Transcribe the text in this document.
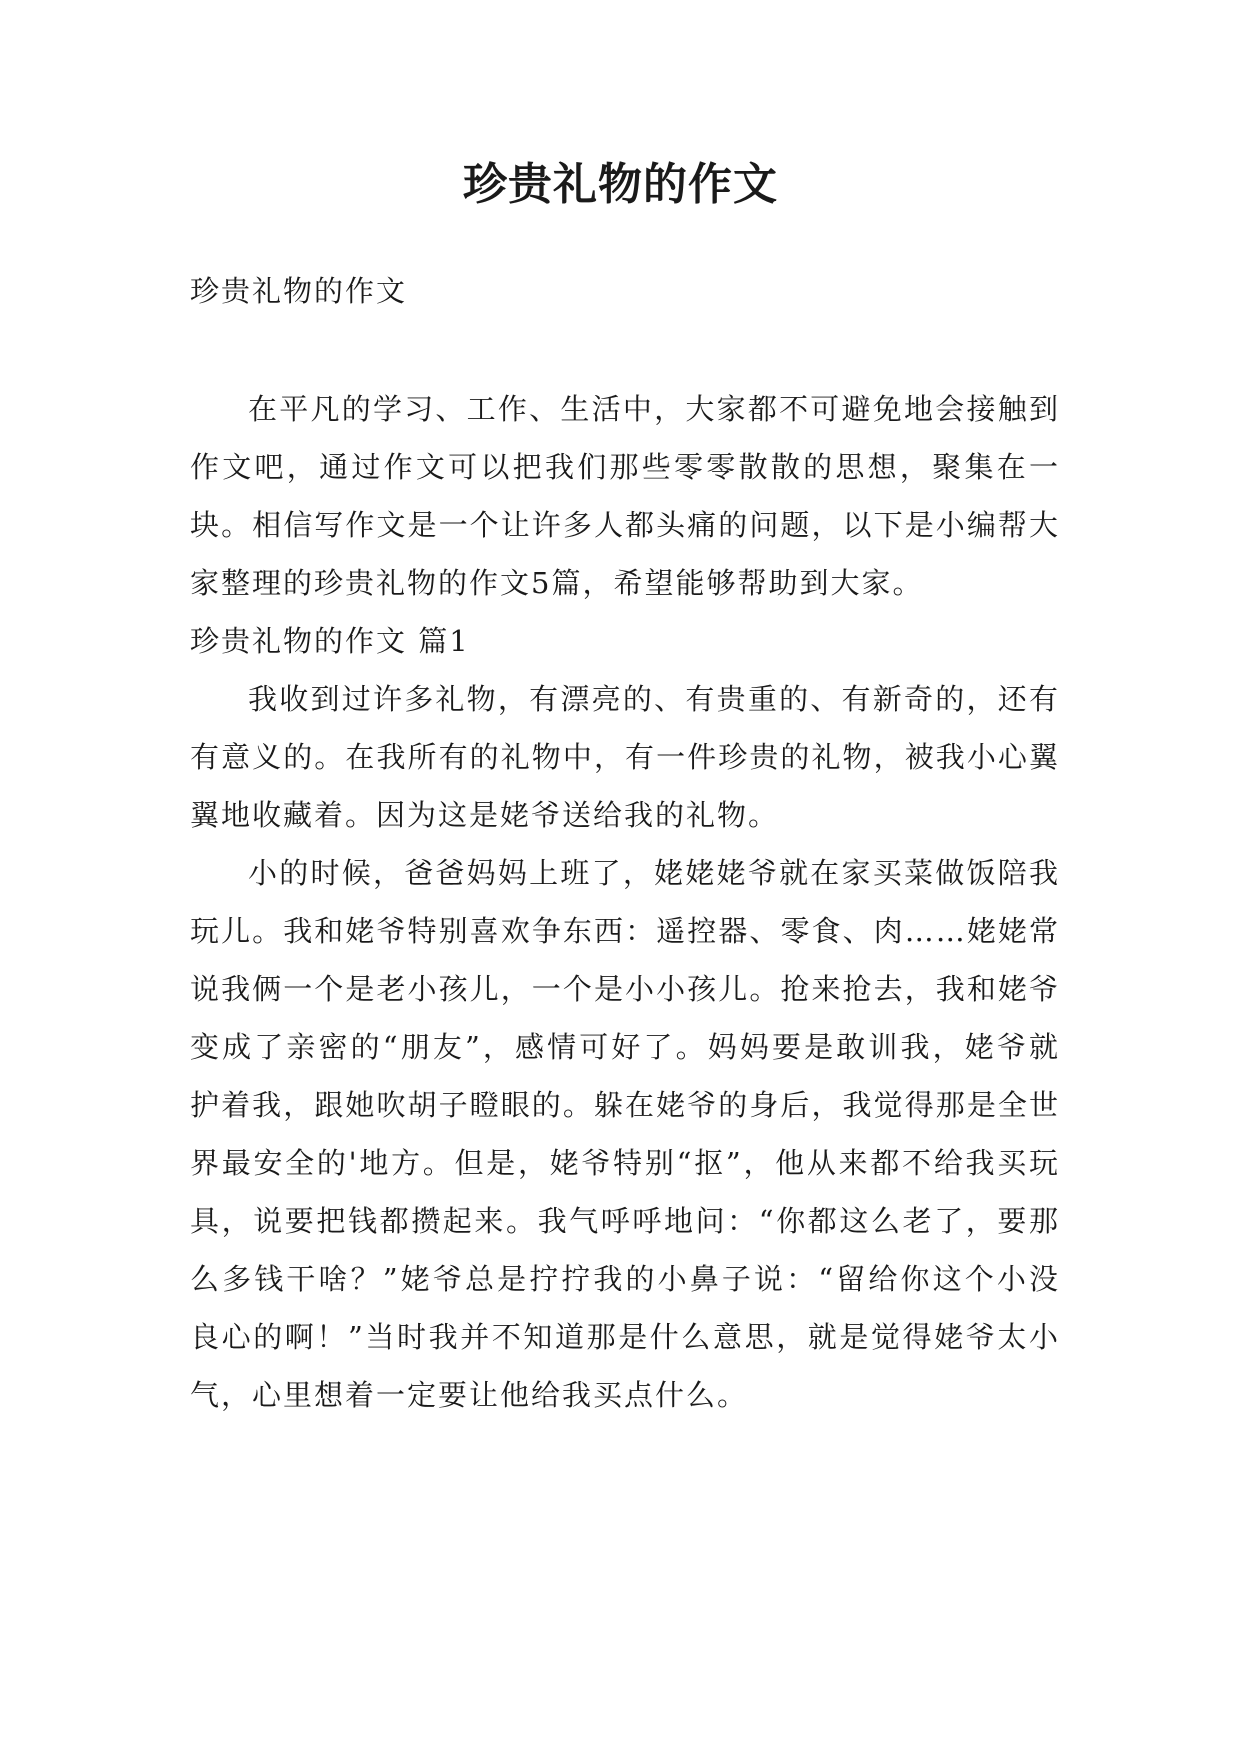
珍贵礼物的作文

珍贵礼物的作文

在平凡的学习、工作、生活中，大家都不可避免地会接触到作文吧，通过作文可以把我们那些零零散散的思想，聚集在一块。相信写作文是一个让许多人都头痛的问题，以下是小编帮大家整理的珍贵礼物的作文5篇，希望能够帮助到大家。

珍贵礼物的作文 篇1

我收到过许多礼物，有漂亮的、有贵重的、有新奇的，还有有意义的。在我所有的礼物中，有一件珍贵的礼物，被我小心翼翼地收藏着。因为这是姥爷送给我的礼物。

小的时候，爸爸妈妈上班了，姥姥姥爷就在家买菜做饭陪我玩儿。我和姥爷特别喜欢争东西：遥控器、零食、肉……姥姥常说我俩一个是老小孩儿，一个是小小孩儿。抢来抢去，我和姥爷变成了亲密的“朋友”，感情可好了。妈妈要是敢训我，姥爷就护着我，跟她吹胡子瞪眼的。躲在姥爷的身后，我觉得那是全世界最安全的'地方。但是，姥爷特别“抠”，他从来都不给我买玩具，说要把钱都攒起来。我气呼呼地问：“你都这么老了，要那么多钱干啥？”姥爷总是拧拧我的小鼻子说：“留给你这个小没良心的啊！”当时我并不知道那是什么意思，就是觉得姥爷太小气，心里想着一定要让他给我买点什么。
